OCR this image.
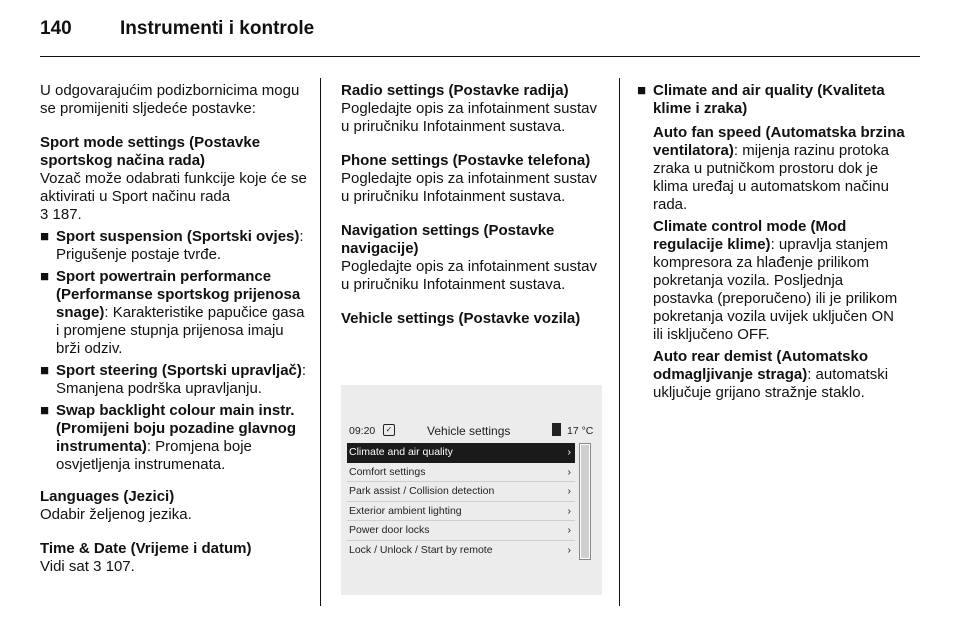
140	Instrumenti i kontrole

U odgovarajućim podizbornicima mogu se promijeniti sljedeće postavke:

Sport mode settings (Postavke sportskog načina rada)

Vozač može odabrati funkcije koje će se aktivirati u Sport načinu rada

3 187.

■ Sport suspension (Sportski ovjes): Prigušenje postaje tvrđe.
■ Sport powertrain performance (Performanse sportskog prijenosa snage): Karakteristike papučice gasa i promjene stupnja prijenosa imaju brži odziv.
■ Sport steering (Sportski upravljač): Smanjena podrška upravljanju.
■ Swap backlight colour main instr. (Promijeni boju pozadine glavnog instrumenta): Promjena boje osvjetljenja instrumenata.

Languages (Jezici)

Odabir željenog jezika.

Time & Date (Vrijeme i datum)

Vidi sat 3 107.

Radio settings (Postavke radija)

Pogledajte opis za infotainment sustav u priručniku Infotainment sustava.

Phone settings (Postavke telefona)

Pogledajte opis za infotainment sustav u priručniku Infotainment sustava.

Navigation settings (Postavke navigacije)

Pogledajte opis za infotainment sustav u priručniku Infotainment sustava.

Vehicle settings (Postavke vozila)

09:20	✓	Vehicle settings	17 °C
Climate and air quality	›
Comfort settings	›
Park assist / Collision detection	›
Exterior ambient lighting	›
Power door locks	›
Lock / Unlock / Start by remote	›
■ Climate and air quality (Kvaliteta klime i zraka)

Auto fan speed (Automatska brzina ventilatora): mijenja razinu protoka zraka u putničkom prostoru dok je klima uređaj u automatskom načinu rada.

Climate control mode (Mod regulacije klime): upravlja stanjem kompresora za hlađenje prilikom pokretanja vozila. Posljednja postavka (preporučeno) ili je prilikom pokretanja vozila uvijek uključen ON ili isključeno OFF.

Auto rear demist (Automatsko odmagljivanje straga): automatski uključuje grijano stražnje staklo.
